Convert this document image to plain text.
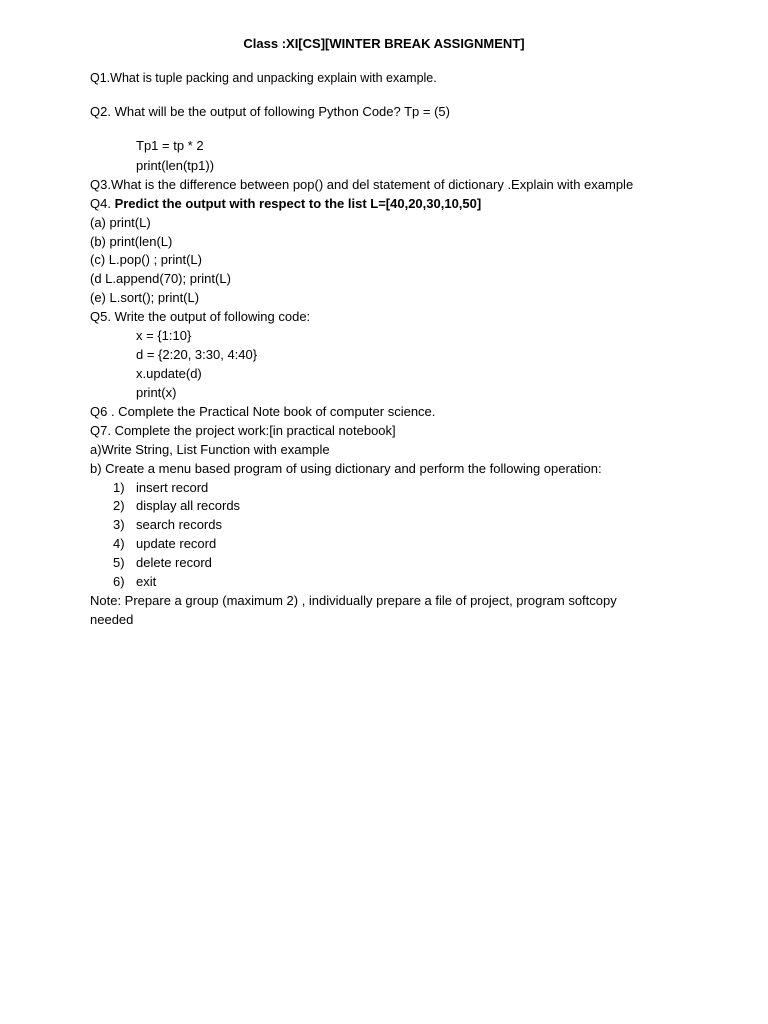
Class :XI[CS][WINTER BREAK ASSIGNMENT]
Q1.What is tuple packing and unpacking explain with example.
Q2. What will be the output of following Python Code? Tp = (5)
Tp1 = tp * 2
print(len(tp1))
Q3.What is the difference between pop() and del statement of dictionary .Explain with example
Q4. Predict the output with respect to the list L=[40,20,30,10,50]
(a) print(L)
(b) print(len(L)
(c) L.pop() ; print(L)
(d L.append(70); print(L)
(e) L.sort(); print(L)
Q5. Write the output of following code:
x = {1:10}
d = {2:20, 3:30, 4:40}
x.update(d)
print(x)
Q6 . Complete the Practical Note book of computer science.
Q7. Complete the project work:[in practical notebook]
a)Write String, List Function with example
b) Create a menu based program of using dictionary and perform the following operation:
1) insert record
2) display all records
3) search records
4) update record
5) delete record
6) exit
Note: Prepare a group (maximum 2) , individually prepare a file of project, program softcopy
needed
